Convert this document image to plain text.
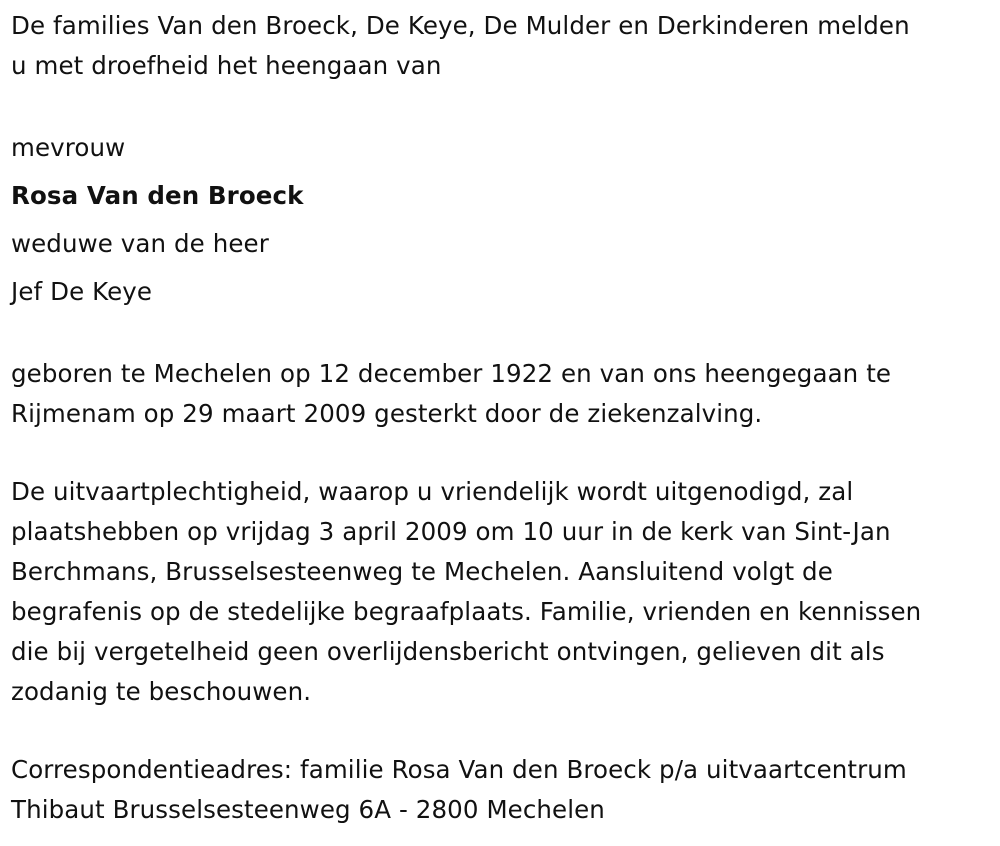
De families Van den Broeck, De Keye, De Mulder en Derkinderen melden

u met droefheid het heengaan van

mevrouw
Rosa Van den Broeck
weduwe van de heer
Jef De Keye

geboren te Mechelen op 12 december 1922 en van ons heengegaan te

Rijmenam op 29 maart 2009 gesterkt door de ziekenzalving.

De uitvaartplechtigheid, waarop u vriendelijk wordt uitgenodigd, zal

plaatshebben op vrijdag 3 april 2009 om 10 uur in de kerk van Sint-Jan

Berchmans, Brusselsesteenweg te Mechelen. Aansluitend volgt de

begrafenis op de stedelijke begraafplaats. Familie, vrienden en kennissen

die bij vergetelheid geen overlijdensbericht ontvingen, gelieven dit als

zodanig te beschouwen.

Correspondentieadres: familie Rosa Van den Broeck p/a uitvaartcentrum

Thibaut Brusselsesteenweg 6A - 2800 Mechelen
